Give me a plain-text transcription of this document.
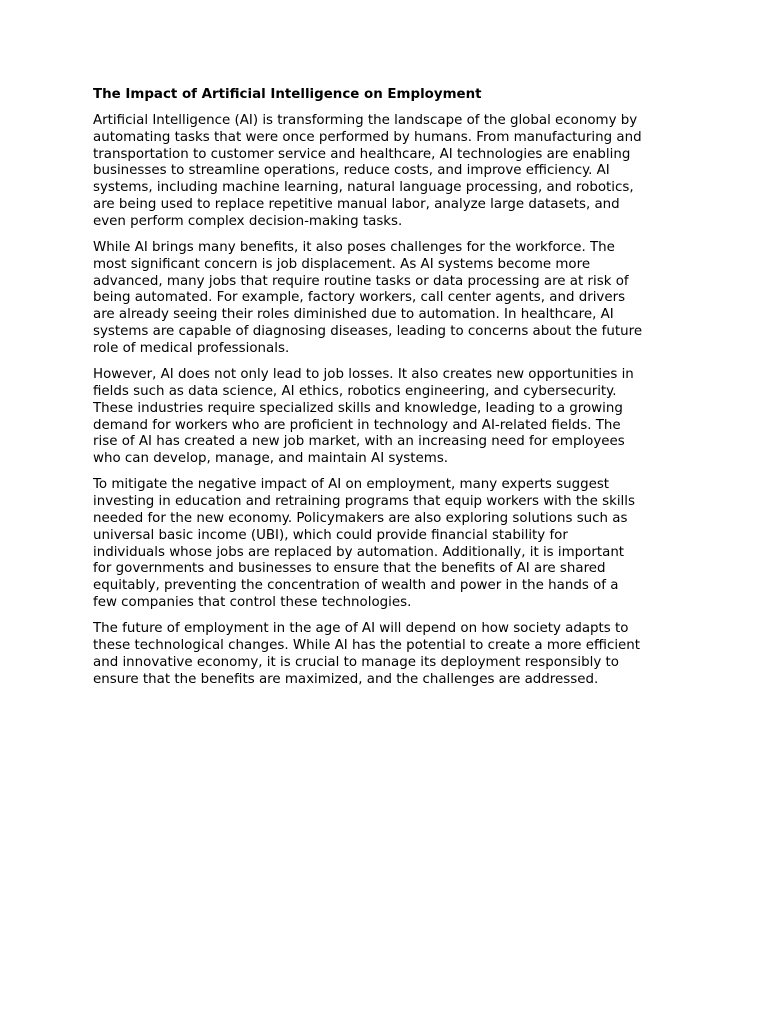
The Impact of Artificial Intelligence on Employment
Artificial Intelligence (AI) is transforming the landscape of the global economy by
automating tasks that were once performed by humans. From manufacturing and
transportation to customer service and healthcare, AI technologies are enabling
businesses to streamline operations, reduce costs, and improve efficiency. AI
systems, including machine learning, natural language processing, and robotics,
are being used to replace repetitive manual labor, analyze large datasets, and
even perform complex decision-making tasks.
While AI brings many benefits, it also poses challenges for the workforce. The
most significant concern is job displacement. As AI systems become more
advanced, many jobs that require routine tasks or data processing are at risk of
being automated. For example, factory workers, call center agents, and drivers
are already seeing their roles diminished due to automation. In healthcare, AI
systems are capable of diagnosing diseases, leading to concerns about the future
role of medical professionals.
However, AI does not only lead to job losses. It also creates new opportunities in
fields such as data science, AI ethics, robotics engineering, and cybersecurity.
These industries require specialized skills and knowledge, leading to a growing
demand for workers who are proficient in technology and AI-related fields. The
rise of AI has created a new job market, with an increasing need for employees
who can develop, manage, and maintain AI systems.
To mitigate the negative impact of AI on employment, many experts suggest
investing in education and retraining programs that equip workers with the skills
needed for the new economy. Policymakers are also exploring solutions such as
universal basic income (UBI), which could provide financial stability for
individuals whose jobs are replaced by automation. Additionally, it is important
for governments and businesses to ensure that the benefits of AI are shared
equitably, preventing the concentration of wealth and power in the hands of a
few companies that control these technologies.
The future of employment in the age of AI will depend on how society adapts to
these technological changes. While AI has the potential to create a more efficient
and innovative economy, it is crucial to manage its deployment responsibly to
ensure that the benefits are maximized, and the challenges are addressed.
